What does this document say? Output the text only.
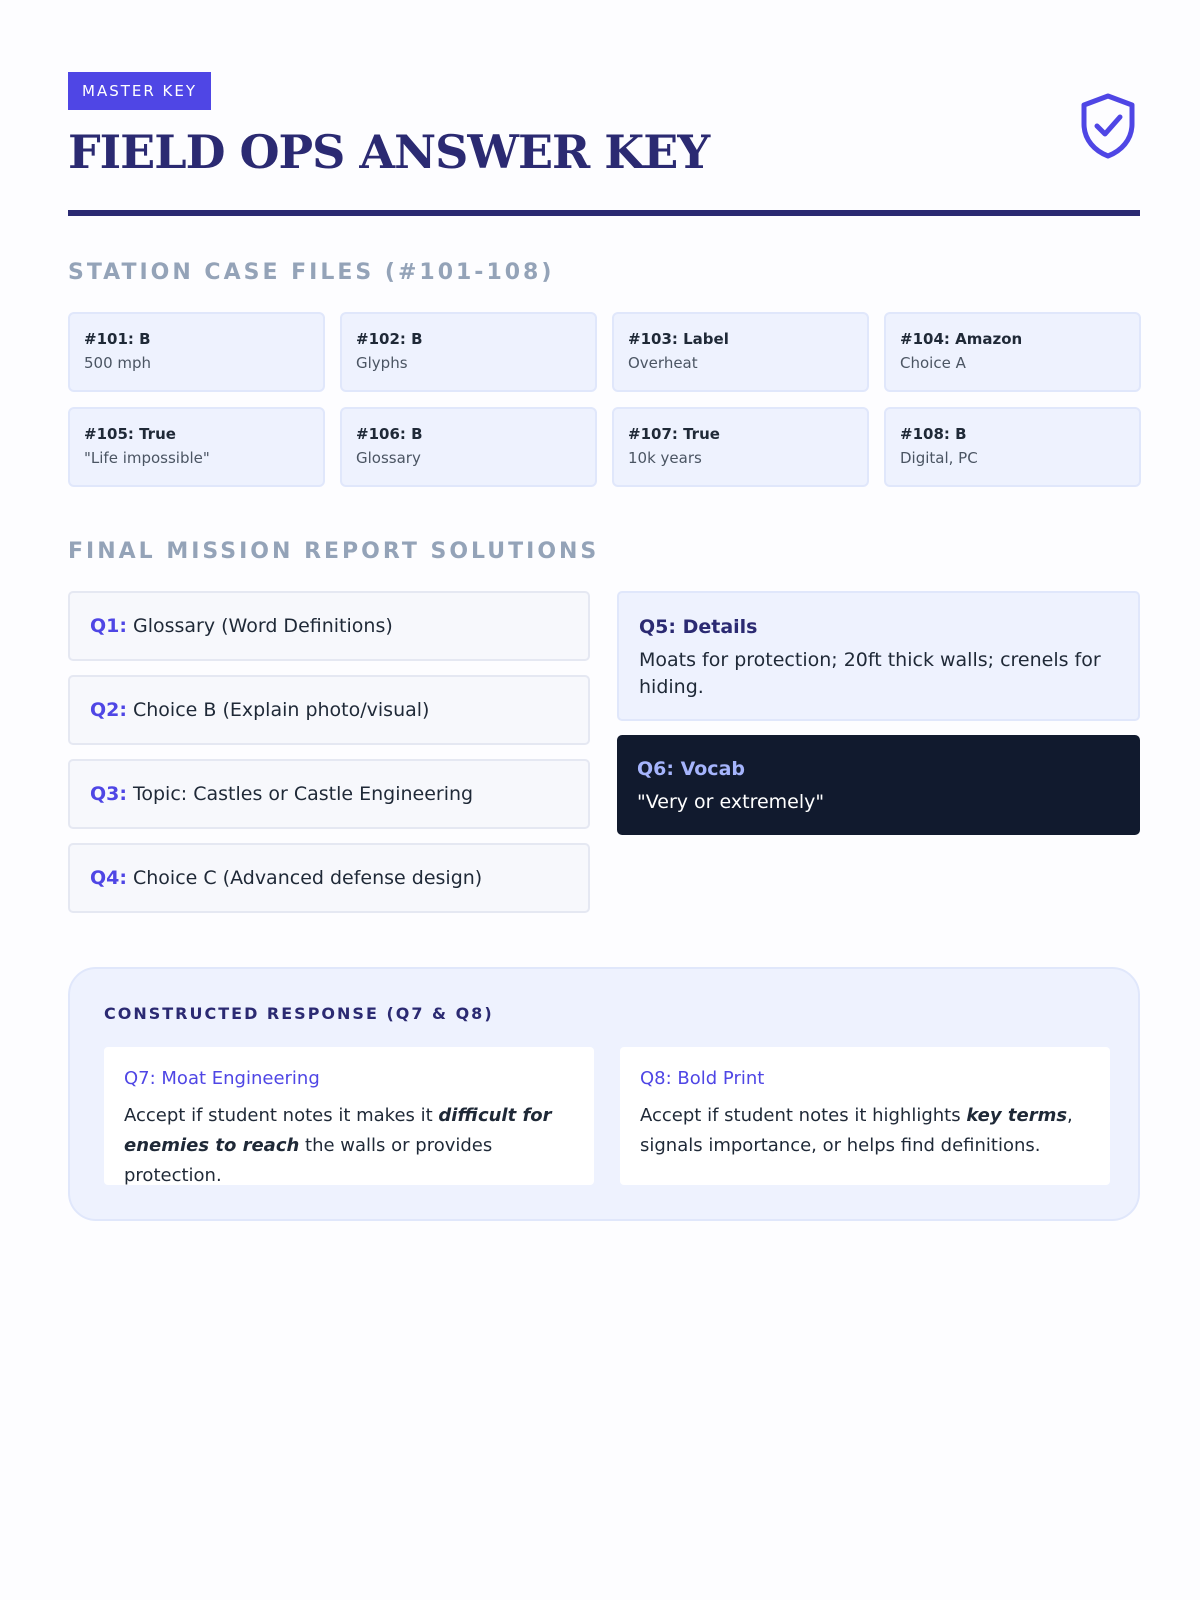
MASTER KEY
FIELD OPS ANSWER KEY
STATION CASE FILES (#101-108)
#101: B
500 mph
#102: B
Glyphs
#103: Label
Overheat
#104: Amazon
Choice A
#105: True
"Life impossible"
#106: B
Glossary
#107: True
10k years
#108: B
Digital, PC
FINAL MISSION REPORT SOLUTIONS
Q1: Glossary (Word Definitions)
Q2: Choice B (Explain photo/visual)
Q3: Topic: Castles or Castle Engineering
Q4: Choice C (Advanced defense design)
Q5: Details
Moats for protection; 20ft thick walls; crenels for hiding.
Q6: Vocab
"Very or extremely"
CONSTRUCTED RESPONSE (Q7 & Q8)
Q7: Moat Engineering
Accept if student notes it makes it difficult for enemies to reach the walls or provides protection.
Q8: Bold Print
Accept if student notes it highlights key terms, signals importance, or helps find definitions.
